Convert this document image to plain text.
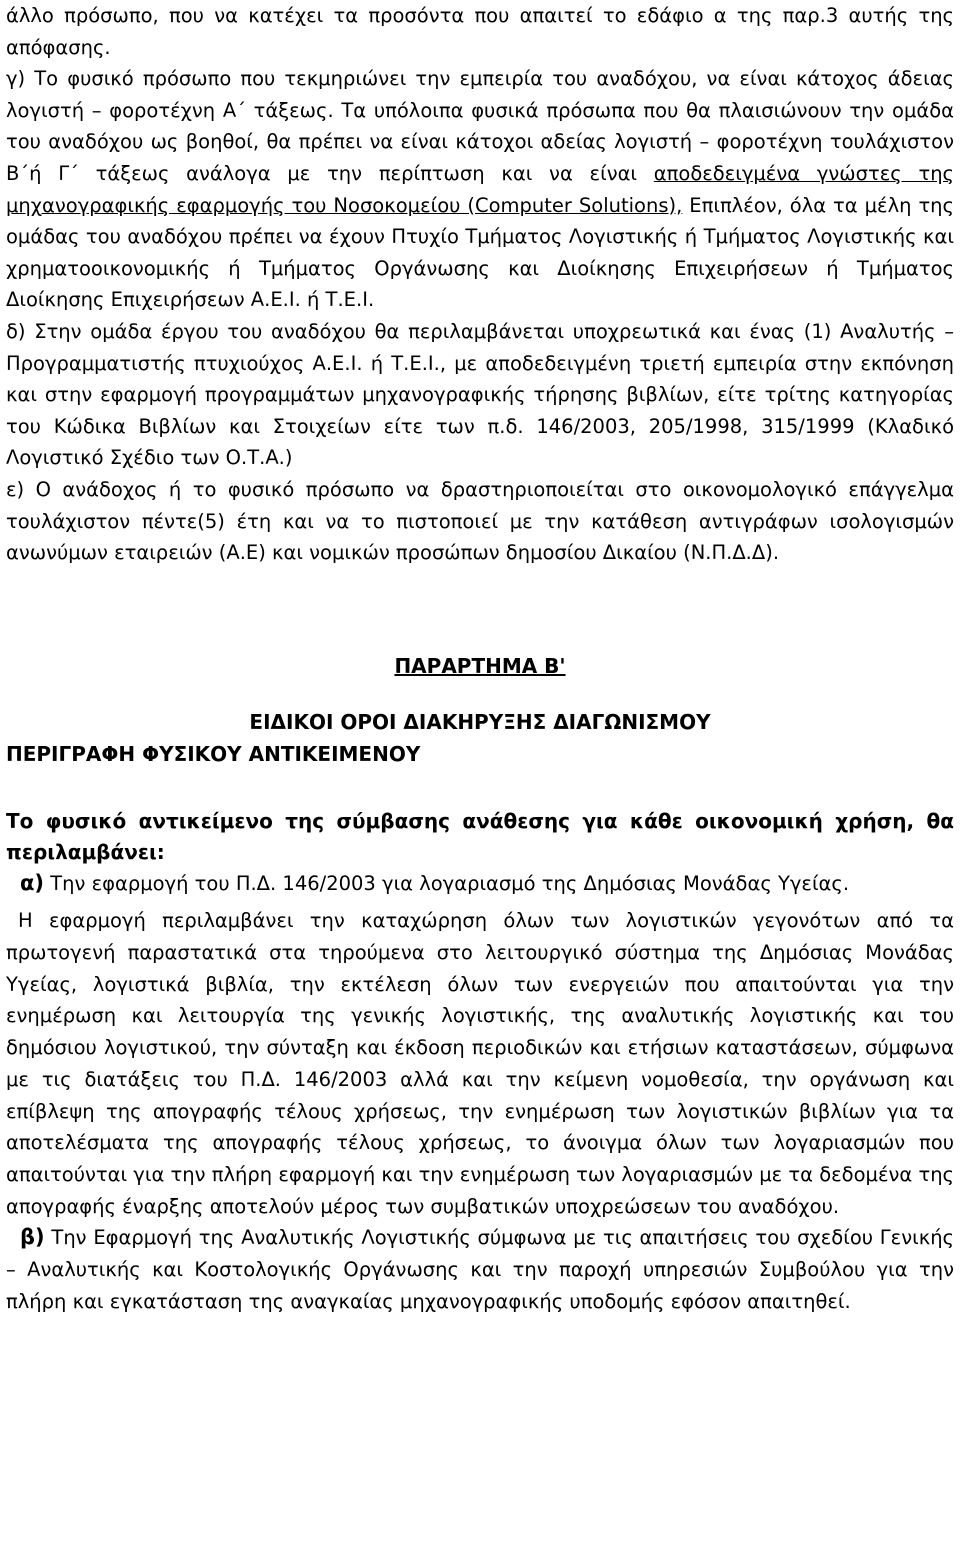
άλλο πρόσωπο, που να κατέχει τα προσόντα που απαιτεί το εδάφιο α της παρ.3 αυτής της απόφασης.

γ) Το φυσικό πρόσωπο που τεκμηριώνει την εμπειρία του αναδόχου, να είναι κάτοχος άδειας λογιστή – φοροτέχνη Α΄ τάξεως. Τα υπόλοιπα φυσικά πρόσωπα που θα πλαισιώνουν την ομάδα του αναδόχου ως βοηθοί, θα πρέπει να είναι κάτοχοι αδείας λογιστή – φοροτέχνη τουλάχιστον Β΄ή Γ΄ τάξεως ανάλογα με την περίπτωση και να είναι αποδεδειγμένα γνώστες της μηχανογραφικής εφαρμογής του Νοσοκομείου (Computer Solutions), Επιπλέον, όλα τα μέλη της ομάδας του αναδόχου πρέπει να έχουν Πτυχίο Τμήματος Λογιστικής ή Τμήματος Λογιστικής και χρηματοοικονομικής ή Τμήματος Οργάνωσης και Διοίκησης Επιχειρήσεων ή Τμήματος Διοίκησης Επιχειρήσεων Α.Ε.Ι. ή Τ.Ε.Ι.

δ) Στην ομάδα έργου του αναδόχου θα περιλαμβάνεται υποχρεωτικά και ένας (1) Αναλυτής – Προγραμματιστής πτυχιούχος Α.Ε.Ι. ή Τ.Ε.Ι., με αποδεδειγμένη τριετή εμπειρία στην εκπόνηση και στην εφαρμογή προγραμμάτων μηχανογραφικής τήρησης βιβλίων, είτε τρίτης κατηγορίας του Κώδικα Βιβλίων και Στοιχείων είτε των π.δ. 146/2003, 205/1998, 315/1999 (Κλαδικό Λογιστικό Σχέδιο των Ο.Τ.Α.)

ε) Ο ανάδοχος ή το φυσικό πρόσωπο να δραστηριοποιείται στο οικονομολογικό επάγγελμα τουλάχιστον πέντε(5) έτη και να το πιστοποιεί με την κατάθεση αντιγράφων ισολογισμών ανωνύμων εταιρειών (Α.Ε) και νομικών προσώπων δημοσίου Δικαίου (Ν.Π.Δ.Δ).

ΠΑΡΑΡΤΗΜΑ Β'

ΕΙΔΙΚΟΙ ΟΡΟΙ ΔΙΑΚΗΡΥΞΗΣ ΔΙΑΓΩΝΙΣΜΟΥ

ΠΕΡΙΓΡΑΦΗ ΦΥΣΙΚΟΥ ΑΝΤΙΚΕΙΜΕΝΟΥ

Το φυσικό αντικείμενο της σύμβασης ανάθεσης για κάθε οικονομική χρήση, θα περιλαμβάνει:

α) Την εφαρμογή του Π.Δ. 146/2003 για λογαριασμό της Δημόσιας Μονάδας Υγείας.

Η εφαρμογή περιλαμβάνει την καταχώρηση όλων των λογιστικών γεγονότων από τα πρωτογενή παραστατικά στα τηρούμενα στο λειτουργικό σύστημα της Δημόσιας Μονάδας Υγείας, λογιστικά βιβλία, την εκτέλεση όλων των ενεργειών που απαιτούνται για την ενημέρωση και λειτουργία της γενικής λογιστικής, της αναλυτικής λογιστικής και του δημόσιου λογιστικού, την σύνταξη και έκδοση περιοδικών και ετήσιων καταστάσεων, σύμφωνα με τις διατάξεις του Π.Δ. 146/2003 αλλά και την κείμενη νομοθεσία, την οργάνωση και επίβλεψη της απογραφής τέλους χρήσεως, την ενημέρωση των λογιστικών βιβλίων για τα αποτελέσματα της απογραφής τέλους χρήσεως, το άνοιγμα όλων των λογαριασμών που απαιτούνται για την πλήρη εφαρμογή και την ενημέρωση των λογαριασμών με τα δεδομένα της απογραφής έναρξης αποτελούν μέρος των συμβατικών υποχρεώσεων του αναδόχου.

β) Την Εφαρμογή της Αναλυτικής Λογιστικής σύμφωνα με τις απαιτήσεις του σχεδίου Γενικής – Αναλυτικής και Κοστολογικής Οργάνωσης και την παροχή υπηρεσιών Συμβούλου για την πλήρη και εγκατάσταση της αναγκαίας μηχανογραφικής υποδομής εφόσον απαιτηθεί.
